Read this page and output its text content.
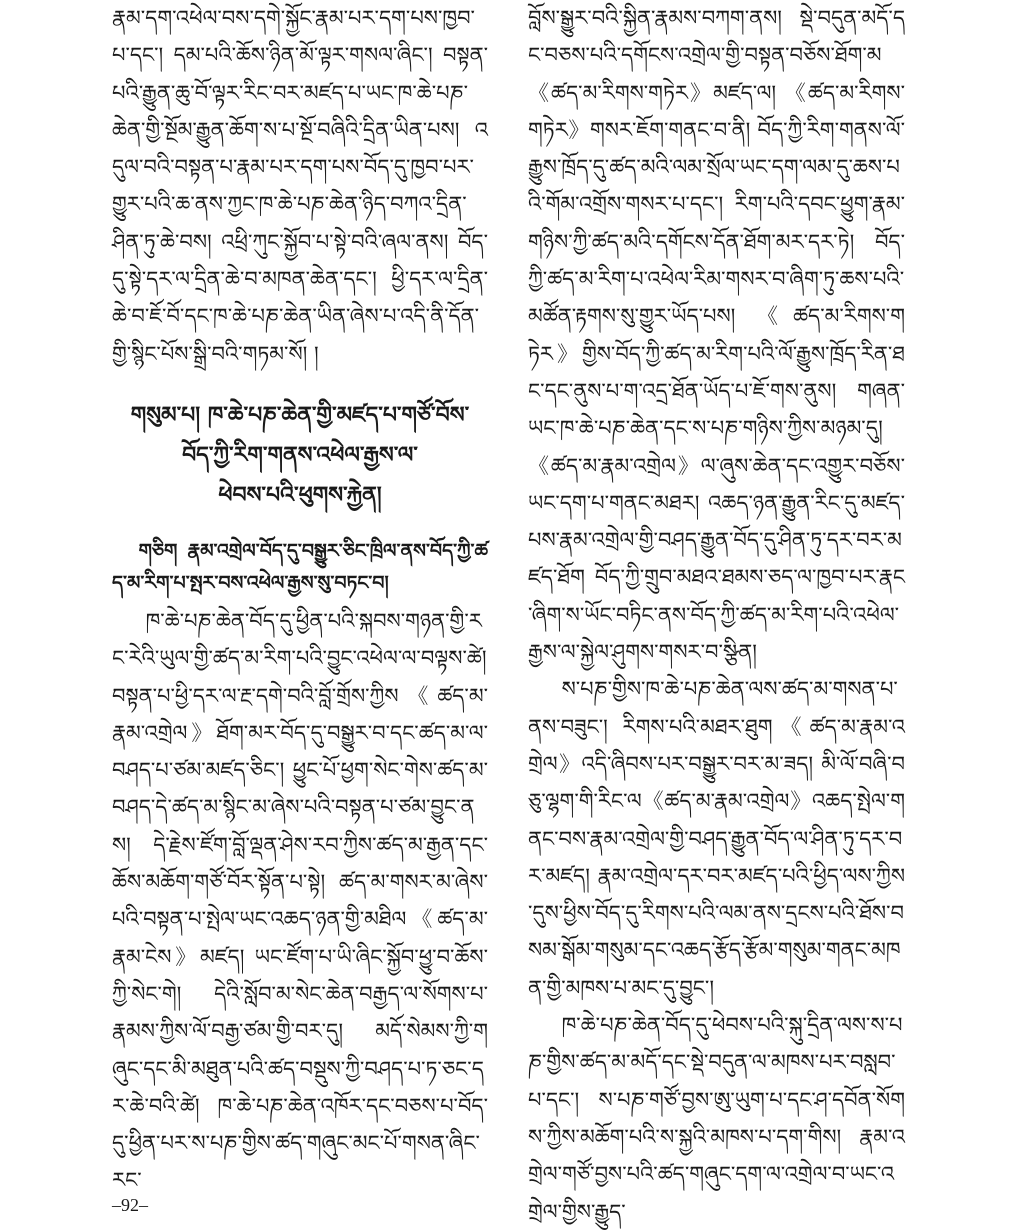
རྣམ་དག་འཕེལ་བས་དགེ་སྐྱོང་རྣམ་པར་དག་པས་ཁྱབ་པ་དང་། དམ་པའི་ཆོས་ཉིན་མོ་ལྟར་གསལ་ཞིང་། བསྟན་པའི་རྒྱུན་ཆུ་བོ་ལྟར་རིང་བར་མཛད་པ་ཡང་ཁ་ཆེ་པཎ་ཆེན་གྱི་སྔོམ་རྒྱུན་ཆོག་ས་པ་སྔོ་བཞིའི་དྲིན་ཡིན་པས། འདུལ་བའི་བསྟན་པ་རྣམ་པར་དག་པས་བོད་དུ་ཁྱབ་པར་གྱུར་པའི་ཆ་ནས་ཀྱང་ཁ་ཆེ་པཎ་ཆེན་ཉིད་བཀའ་དྲིན་ཤིན་ཏུ་ཆེ་བས། འཕྲི་ཀུང་སྐྱོབ་པ་སྟེ་བའི་ཞལ་ནས། བོད་དུ་སྟེ་དར་ལ་དྲིན་ཆེ་བ་མཁན་ཆེན་དང་། ཕྱི་དར་ལ་དྲིན་ཆེ་བ་ཇོ་བོ་དང་ཁ་ཆེ་པཎ་ཆེན་ཡིན་ཞེས་པ་འདི་ནི་དོན་གྱི་སྙིང་པོས་སྒྲི་བའི་གཏམ་སོ། །

གསུམ་པ། ཁ་ཆེ་པཎ་ཆེན་གྱི་མཛད་པ་གཙོ་བོས་
བོད་ཀྱི་རིག་གནས་འཕེལ་རྒྱས་ལ་
ཕེབས་པའི་ཕུགས་རྐྱེན།

གཅིག རྣམ་འགྲེལ་བོད་དུ་བསྒྱུར་ཅིང་ཁྲིལ་ནས་བོད་ཀྱི་ཚད་མ་རིག་པ་སྤར་བས་འཕེལ་རྒྱས་སུ་བཏང་བ།

ཁ་ཆེ་པཎ་ཆེན་བོད་དུ་ཕྱིན་པའི་སྐབས་གཉན་གྱི་རང་རེའི་ཡུལ་གྱི་ཚད་མ་རིག་པའི་བྱུང་འཕེལ་ལ་བལྟས་ཚེ། བསྟན་པ་ཕྱི་དར་ལ་རྔ་དགེ་བའི་བློ་གྲོས་ཀྱིས《ཚད་མ་རྣམ་འགྲེལ》ཐོག་མར་བོད་དུ་བསྒྱུར་བ་དང་ཚད་མ་ལ་བཤད་པ་ཙམ་མཛད་ཅིང་། ཕྱུང་པོ་ཕྱག་སེང་གེས་ཚད་མ་བཤད་དེ་ཚད་མ་སྙིང་མ་ཞེས་པའི་བསྟན་པ་ཙམ་བྱུང་ནས། དེ་རྗེས་ཛོག་བློ་ལྡན་ཤེས་རབ་ཀྱིས་ཚད་མ་རྒྱན་དང་ཆོས་མཆོག་གཙོ་བོར་སྟོན་པ་སྟེ། ཚད་མ་གསར་མ་ཞེས་པའི་བསྟན་པ་སྤེལ་ཡང་འཆད་ཉན་གྱི་མཐིལ《ཚད་མ་རྣམ་ངེས》མཛད། ཡང་ཛོག་པ་ཡི་ཞིང་སྐྱོབ་ཕྱུ་བ་ཆོས་ཀྱི་སེང་གེ། དེའི་སློབ་མ་སེང་ཆེན་བརྒྱད་ལ་སོགས་པ་རྣམས་ཀྱིས་ལོ་བརྒྱ་ཙམ་གྱི་བར་དུ། མདོ་སེམས་ཀྱི་གཞུང་དང་མི་མཐུན་པའི་ཚད་བསྡུས་ཀྱི་བཤད་པ་ཏ་ཅང་དར་ཆེ་བའི་ཚེ། ཁ་ཆེ་པཎ་ཆེན་འཁོར་དང་བཅས་པ་བོད་དུ་ཕྱིན་པར་ས་པཎ་གྱིས་ཚད་གཞུང་མང་པོ་གསན་ཞིང་རང་

བློས་སྒྱུར་བའི་སྐྱིན་རྣམས་བཀག་ནས། སྡེ་བདུན་མདོ་དང་བཅས་པའི་དགོངས་འགྲེལ་གྱི་བསྟན་བཅོས་ཐོག་མ《ཚད་མ་རིགས་གཏེར》མཛད་ལ། 《ཚད་མ་རིགས་གཏེར》གསར་ཇོག་གནང་བ་ནི། བོད་ཀྱི་རིག་གནས་ལོ་རྒྱུས་ཁྲོད་དུ་ཚད་མའི་ལམ་སྲོལ་ཡང་དག་ལམ་དུ་ཆས་པའི་གོམ་འགྲོས་གསར་པ་དང་། རིག་པའི་དབང་ཕྱུག་རྣམ་གཉིས་ཀྱི་ཚད་མའི་དགོངས་དོན་ཐོག་མར་དར་ཏེ། བོད་ཀྱི་ཚད་མ་རིག་པ་འཕེལ་རིམ་གསར་བ་ཞིག་ཏུ་ཆས་པའི་མཚོན་རྟགས་སུ་གྱུར་ཡོད་པས། 《ཚད་མ་རིགས་གཏེར》གྱིས་བོད་ཀྱི་ཚད་མ་རིག་པའི་ལོ་རྒྱུས་ཁྲོད་རིན་ཐང་དང་ནུས་པ་ག་འདྲ་ཐོན་ཡོད་པ་ཇོ་གས་ནུས། གཞན་ཡང་ཁ་ཆེ་པཎ་ཆེན་དང་ས་པཎ་གཉིས་ཀྱིས་མཉམ་དུ། 《ཚད་མ་རྣམ་འགྲེལ》ལ་ཞུས་ཆེན་དང་འགྱུར་བཅོས་ཡང་དག་པ་གནང་མཐར། འཆད་ཉན་རྒྱུན་རིང་དུ་མཛད་པས་རྣམ་འགྲེལ་གྱི་བཤད་རྒྱུན་བོད་དུ་ཤིན་ཏུ་དར་བར་མཛད་ཐོག བོད་ཀྱི་གྲུབ་མཐའ་ཐམས་ཅད་ལ་ཁྱབ་པར་རྣང་ཞིག་ས་ཡོང་བཏིང་ནས་བོད་ཀྱི་ཚད་མ་རིག་པའི་འཕེལ་རྒྱས་ལ་སྐྱེལ་ཤུགས་གསར་བ་སྩིན།

ས་པཎ་གྱིས་ཁ་ཆེ་པཎ་ཆེན་ལས་ཚད་མ་གསན་པ་ནས་བཟུང་། རིགས་པའི་མཐར་ཐུག《ཚད་མ་རྣམ་འགྲེལ》འདི་ཞིབས་པར་བསྒྱུར་བར་མ་ཟད། མི་ལོ་བཞི་བཅུ་ལྷག་གི་རིང་ལ《ཚད་མ་རྣམ་འགྲེལ》འཆད་སྤེལ་གནང་བས་རྣམ་འགྲེལ་གྱི་བཤད་རྒྱུན་བོད་ལ་ཤིན་ཏུ་དར་བར་མཛད། རྣམ་འགྲེལ་དར་བར་མཛད་པའི་ཕྱིད་ལས་ཀྱིས་དུས་ཕྱིས་བོད་དུ་རིགས་པའི་ལམ་ནས་དྲངས་པའི་ཐོས་བསམ་སྒོམ་གསུམ་དང་འཆད་རྩོད་རྩོམ་གསུམ་གནང་མཁན་གྱི་མཁས་པ་མང་དུ་བྱུང་།

ཁ་ཆེ་པཎ་ཆེན་བོད་དུ་ཕེབས་པའི་སྐུ་དྲིན་ལས་ས་པཎ་གྱིས་ཚད་མ་མདོ་དང་སྡེ་བདུན་ལ་མཁས་པར་བསླབ་པ་དང་། ས་པཎ་གཙོ་བྱས་ཨུ་ཡུག་པ་དང་ཤ་དབོན་སོགས་ཀྱིས་མཆོག་པའི་ས་སྐྱའི་མཁས་པ་དག་གིས། རྣམ་འགྲེལ་གཙོ་བྱས་པའི་ཚད་གཞུང་དག་ལ་འགྲེལ་བ་ཡང་འགྲེལ་གྱིས་རྒྱུད་

–92–
